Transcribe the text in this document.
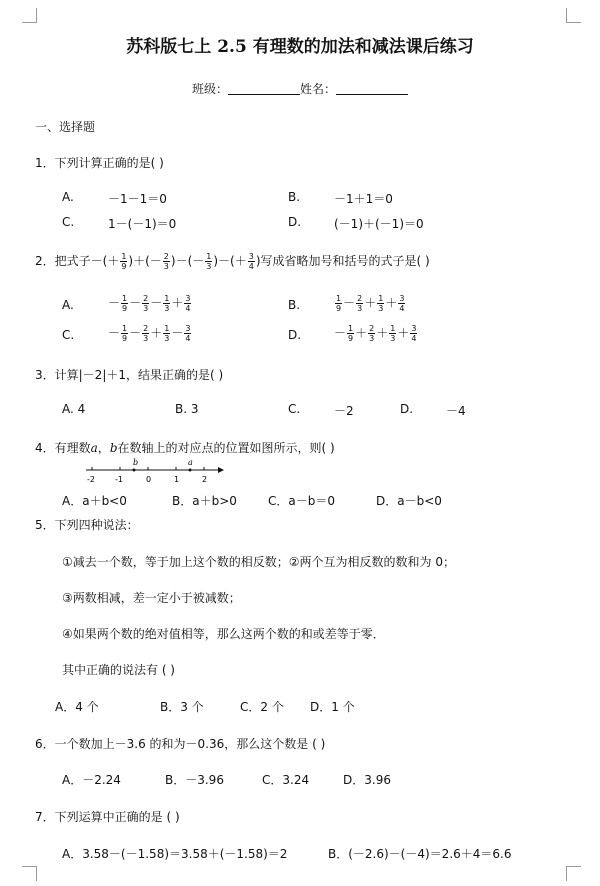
苏科版七上 2.5 有理数的加法和减法课后练习
班级：	姓名：
一、选择题
1．下列计算正确的是( )
A.	－1－1＝0	B.	－1＋1＝0
C.	1－(－1)＝0	D.	(－1)＋(－1)＝0
2．把式子－(＋ $\frac{1}{9}$ )＋(－ $\frac{2}{3}$ )－(－ $\frac{1}{3}$ )－(＋ $\frac{3}{4}$ )写成省略加号和括号的式子是( )
A.	－ $\frac{1}{9} - \frac{2}{3} - \frac{1}{3} + \frac{3}{4}$	B.	$\frac{1}{9} - \frac{2}{3} + \frac{1}{3} + \frac{3}{4}$
C.	－ $\frac{1}{9} - \frac{2}{3} + \frac{1}{3} - \frac{3}{4}$	D.	－ $\frac{1}{9} + \frac{2}{3} + \frac{1}{3} + \frac{3}{4}$
3．计算|－2|＋1，结果正确的是( )
A. 4	B. 3	C.	－2	D.	－4
4．有理数a，b在数轴上的对应点的位置如图所示，则( )
b	a
-2	-1	0	1	2
A．a＋b<0	B．a＋b>0	C．a－b＝0	D．a－b<0
5．下列四种说法：
①减去一个数，等于加上这个数的相反数；②两个互为相反数的数和为 0；
③两数相减，差一定小于被减数；
④如果两个数的绝对值相等，那么这两个数的和或差等于零．
其中正确的说法有 ( )
A．4 个	B．3 个	C．2 个 D．1 个
6．一个数加上－3.6 的和为－0.36，那么这个数是 ( )
A．－2.24	B．－3.96	C．3.24	D．3.96
7．下列运算中正确的是 ( )
A．3.58－(－1.58)＝3.58＋(－1.58)＝2	B．(－2.6)－(－4)＝2.6＋4＝6.6
